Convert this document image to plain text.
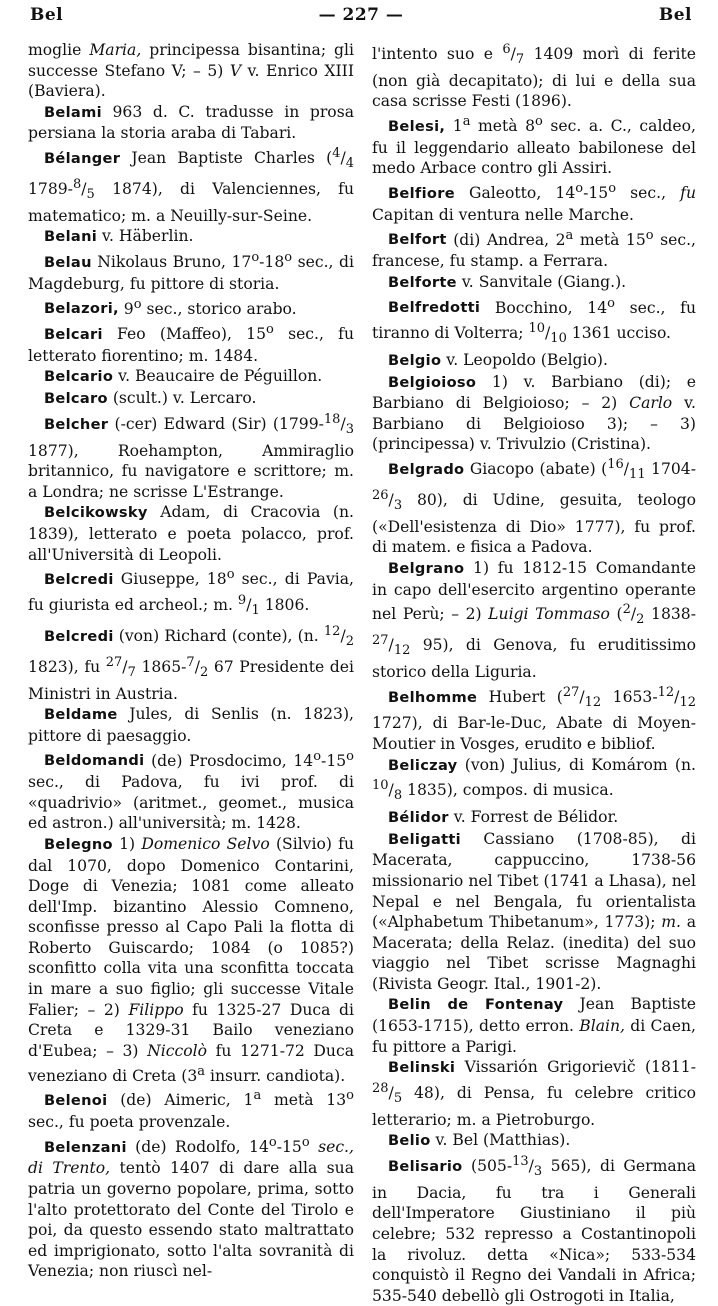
Bel	— 227 —	Bel

moglie Maria, principessa bisantina; gli successe Stefano V; – 5) V v. Enrico XIII (Baviera).

Belami 963 d. C. tradusse in prosa persiana la storia araba di Tabari.

Bélanger Jean Baptiste Charles ($^4/_4$ $1789-^8/_5$ 1874), di Valenciennes, fu matematico; m. a Neuilly-sur-Seine.

Belani v. Häberlin.

Belau Nikolaus Bruno, 17$^o$-18$^o$ sec., di Magdeburg, fu pittore di storia.

Belazori, 9$^o$ sec., storico arabo.

Belcari Feo (Maffeo), 15$^o$ sec., fu letterato fiorentino; m. 1484.

Belcario v. Beaucaire de Péguillon.

Belcaro (scult.) v. Lercaro.

Belcher (-cer) Edward (Sir) ($1799-^{18}/_3$ 1877), Roehampton, Ammiraglio britannico, fu navigatore e scrittore; m. a Londra; ne scrisse L'Estrange.

Belcikowsky Adam, di Cracovia (n. 1839), letterato e poeta polacco, prof. all'Università di Leopoli.

Belcredi Giuseppe, 18$^o$ sec., di Pavia, fu giurista ed archeol.; m. $^9/_1$ 1806.

Belcredi (von) Richard (conte), (n. $^{12}/_2$ 1823), fu $^{27}/_7$ $1865-^7/_2$ 67 Presidente dei Ministri in Austria.

Beldame Jules, di Senlis (n. 1823), pittore di paesaggio.

Beldomandi (de) Prosdocimo, 14$^o$-15$^o$ sec., di Padova, fu ivi prof. di «quadrivio» (aritmet., geomet., musica ed astron.) all'università; m. 1428.

Belegno 1) Domenico Selvo (Silvio) fu dal 1070, dopo Domenico Contarini, Doge di Venezia; 1081 come alleato dell'Imp. bizantino Alessio Comneno, sconfisse presso al Capo Pali la flotta di Roberto Guiscardo; 1084 (o 1085?) sconfitto colla vita una sconfitta toccata in mare a suo figlio; gli successe Vitale Falier; – 2) Filippo fu 1325-27 Duca di Creta e 1329-31 Bailo veneziano d'Eubea; – 3) Niccolò fu 1271-72 Duca veneziano di Creta (3$^a$ insurr. candiota).

Belenoi (de) Aimeric, 1$^a$ metà 13$^o$ sec., fu poeta provenzale.

Belenzani (de) Rodolfo, 14$^o$-15$^o$ sec., di Trento, tentò 1407 di dare alla sua patria un governo popolare, prima, sotto l'alto protettorato del Conte del Tirolo e poi, da questo essendo stato maltrattato ed imprigionato, sotto l'alta sovranità di Venezia; non riuscì nel-

l'intento suo e $^6/_7$ 1409 morì di ferite (non già decapitato); di lui e della sua casa scrisse Festi (1896).

Belesi, 1$^a$ metà 8$^o$ sec. a. C., caldeo, fu il leggendario alleato babilonese del medo Arbace contro gli Assiri.

Belfiore Galeotto, 14$^o$-15$^o$ sec., fu Capitan di ventura nelle Marche.

Belfort (di) Andrea, 2$^a$ metà 15$^o$ sec., francese, fu stamp. a Ferrara.

Belforte v. Sanvitale (Giang.).

Belfredotti Bocchino, 14$^o$ sec., fu tiranno di Volterra; $^{10}/_{10}$ 1361 ucciso.

Belgio v. Leopoldo (Belgio).

Belgioioso 1) v. Barbiano (di); e Barbiano di Belgioioso; – 2) Carlo v. Barbiano di Belgioioso 3); – 3) (principessa) v. Trivulzio (Cristina).

Belgrado Giacopo (abate) ($^{16}/_{11}$ $1704-^{26}/_3$ 80), di Udine, gesuita, teologo («Dell'esistenza di Dio» 1777), fu prof. di matem. e fisica a Padova.

Belgrano 1) fu 1812-15 Comandante in capo dell'esercito argentino operante nel Perù; – 2) Luigi Tommaso ($^2/_2$ $1838-^{27}/_{12}$ 95), di Genova, fu eruditissimo storico della Liguria.

Belhomme Hubert ($^{27}/_{12}$ $1653-^{12}/_{12}$ 1727), di Bar-le-Duc, Abate di Moyen-Moutier in Vosges, erudito e bibliof.

Beliczay (von) Julius, di Komárom (n. $^{10}/_8$ 1835), compos. di musica.

Bélidor v. Forrest de Bélidor.

Beligatti Cassiano (1708-85), di Macerata, cappuccino, 1738-56 missionario nel Tibet (1741 a Lhasa), nel Nepal e nel Bengala, fu orientalista («Alphabetum Thibetanum», 1773); m. a Macerata; della Relaz. (inedita) del suo viaggio nel Tibet scrisse Magnaghi (Rivista Geogr. Ital., 1901-2).

Belin de Fontenay Jean Baptiste (1653-1715), detto erron. Blain, di Caen, fu pittore a Parigi.

Belinski Vissarión Grigorievič ($1811-^{28}/_5$ 48), di Pensa, fu celebre critico letterario; m. a Pietroburgo.

Belio v. Bel (Matthias).

Belisario ($505-^{13}/_3$ 565), di Germana in Dacia, fu tra i Generali dell'Imperatore Giustiniano il più celebre; 532 represso a Costantinopoli la rivoluz. detta «Nica»; 533-534 conquistò il Regno dei Vandali in Africa; 535-540 debellò gli Ostrogoti in Italia,
